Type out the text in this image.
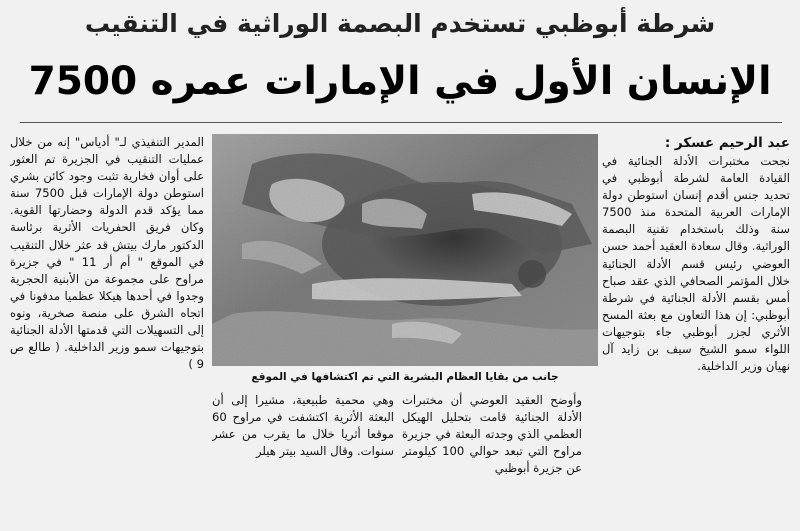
شرطة أبوظبي تستخدم البصمة الوراثية في التنقيب
الإنسان الأول في الإمارات عمره 7500

عبد الرحيم عسكر :

نجحت مختبرات الأدلة الجنائية في القيادة العامة لشرطة أبوظبي في تحديد جنس أقدم إنسان استوطن دولة الإمارات العربية المتحدة منذ 7500 سنة وذلك باستخدام تقنية البصمة الوراثية. وقال سعادة العقيد أحمد حسن العوضي رئيس قسم الأدلة الجنائية خلال المؤتمر الصحافي الذي عقد صباح أمس بقسم الأدلة الجنائية في شرطة أبوظبي: إن هذا التعاون مع بعثة المسح الأثري لجزر أبوظبي جاء بتوجيهات اللواء سمو الشيخ سيف بن زايد آل نهيان وزير الداخلية.

جانب من بقايا العظام البشرية التي تم اكتشافها في الموقع

وأوضح العقيد العوضي أن مختبرات الأدلة الجنائية قامت بتحليل الهيكل العظمي الذي وجدته البعثة في جزيرة مراوح التي تبعد حوالي 100 كيلومتر عن جزيرة أبوظبي

وهي محمية طبيعية، مشيرا إلى أن البعثة الأثرية اكتشفت في مراوح 60 موقعا أثريا خلال ما يقرب من عشر سنوات. وقال السيد بيتر هيلر

المدير التنفيذي لـ" أدياس" إنه من خلال عمليات التنقيب في الجزيرة تم العثور على أوان فخارية تثبت وجود كائن بشري استوطن دولة الإمارات قبل 7500 سنة مما يؤكد قدم الدولة وحضارتها القوية. وكان فريق الحفريات الأثرية برئاسة الدكتور مارك بيتش قد عثر خلال التنقيب في الموقع " أم أر 11 " في جزيرة مراوح على مجموعة من الأبنية الحجرية وجدوا في أحدها هيكلا عظميا مدفونا في اتجاه الشرق على منصة صخرية، ونوه إلى التسهيلات التي قدمتها الأدلة الجنائية بتوجيهات سمو وزير الداخلية. ( طالع ص 9 )
